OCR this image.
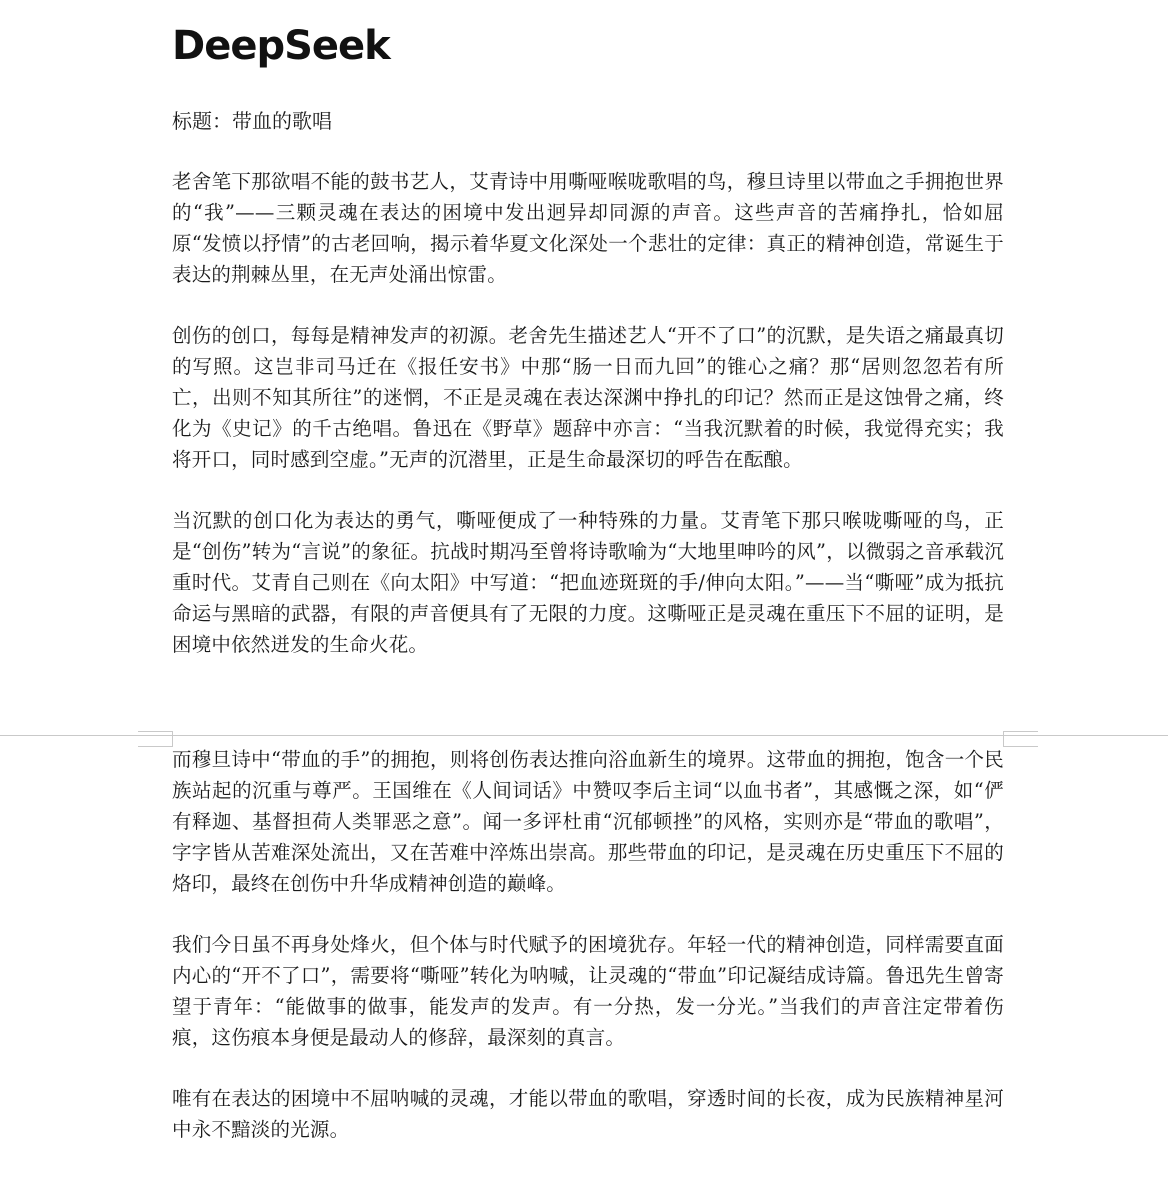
DeepSeek
标题：带血的歌唱

老舍笔下那欲唱不能的鼓书艺人，艾青诗中用嘶哑喉咙歌唱的鸟，穆旦诗里以带血之手拥抱世界的“我”——三颗灵魂在表达的困境中发出迥异却同源的声音。这些声音的苦痛挣扎，恰如屈原“发愤以抒情”的古老回响，揭示着华夏文化深处一个悲壮的定律：真正的精神创造，常诞生于表达的荆棘丛里，在无声处涌出惊雷。

创伤的创口，每每是精神发声的初源。老舍先生描述艺人“开不了口”的沉默，是失语之痛最真切的写照。这岂非司马迁在《报任安书》中那“肠一日而九回”的锥心之痛？那“居则忽忽若有所亡，出则不知其所往”的迷惘，不正是灵魂在表达深渊中挣扎的印记？然而正是这蚀骨之痛，终化为《史记》的千古绝唱。鲁迅在《野草》题辞中亦言：“当我沉默着的时候，我觉得充实；我将开口，同时感到空虚。”无声的沉潜里，正是生命最深切的呼告在酝酿。

当沉默的创口化为表达的勇气，嘶哑便成了一种特殊的力量。艾青笔下那只喉咙嘶哑的鸟，正是“创伤”转为“言说”的象征。抗战时期冯至曾将诗歌喻为“大地里呻吟的风”，以微弱之音承载沉重时代。艾青自己则在《向太阳》中写道：“把血迹斑斑的手/伸向太阳。”——当“嘶哑”成为抵抗命运与黑暗的武器，有限的声音便具有了无限的力度。这嘶哑正是灵魂在重压下不屈的证明，是困境中依然迸发的生命火花。

而穆旦诗中“带血的手”的拥抱，则将创伤表达推向浴血新生的境界。这带血的拥抱，饱含一个民族站起的沉重与尊严。王国维在《人间词话》中赞叹李后主词“以血书者”，其感慨之深，如“俨有释迦、基督担荷人类罪恶之意”。闻一多评杜甫“沉郁顿挫”的风格，实则亦是“带血的歌唱”，字字皆从苦难深处流出，又在苦难中淬炼出崇高。那些带血的印记，是灵魂在历史重压下不屈的烙印，最终在创伤中升华成精神创造的巅峰。

我们今日虽不再身处烽火，但个体与时代赋予的困境犹存。年轻一代的精神创造，同样需要直面内心的“开不了口”，需要将“嘶哑”转化为呐喊，让灵魂的“带血”印记凝结成诗篇。鲁迅先生曾寄望于青年：“能做事的做事，能发声的发声。有一分热，发一分光。”当我们的声音注定带着伤痕，这伤痕本身便是最动人的修辞，最深刻的真言。

唯有在表达的困境中不屈呐喊的灵魂，才能以带血的歌唱，穿透时间的长夜，成为民族精神星河中永不黯淡的光源。
